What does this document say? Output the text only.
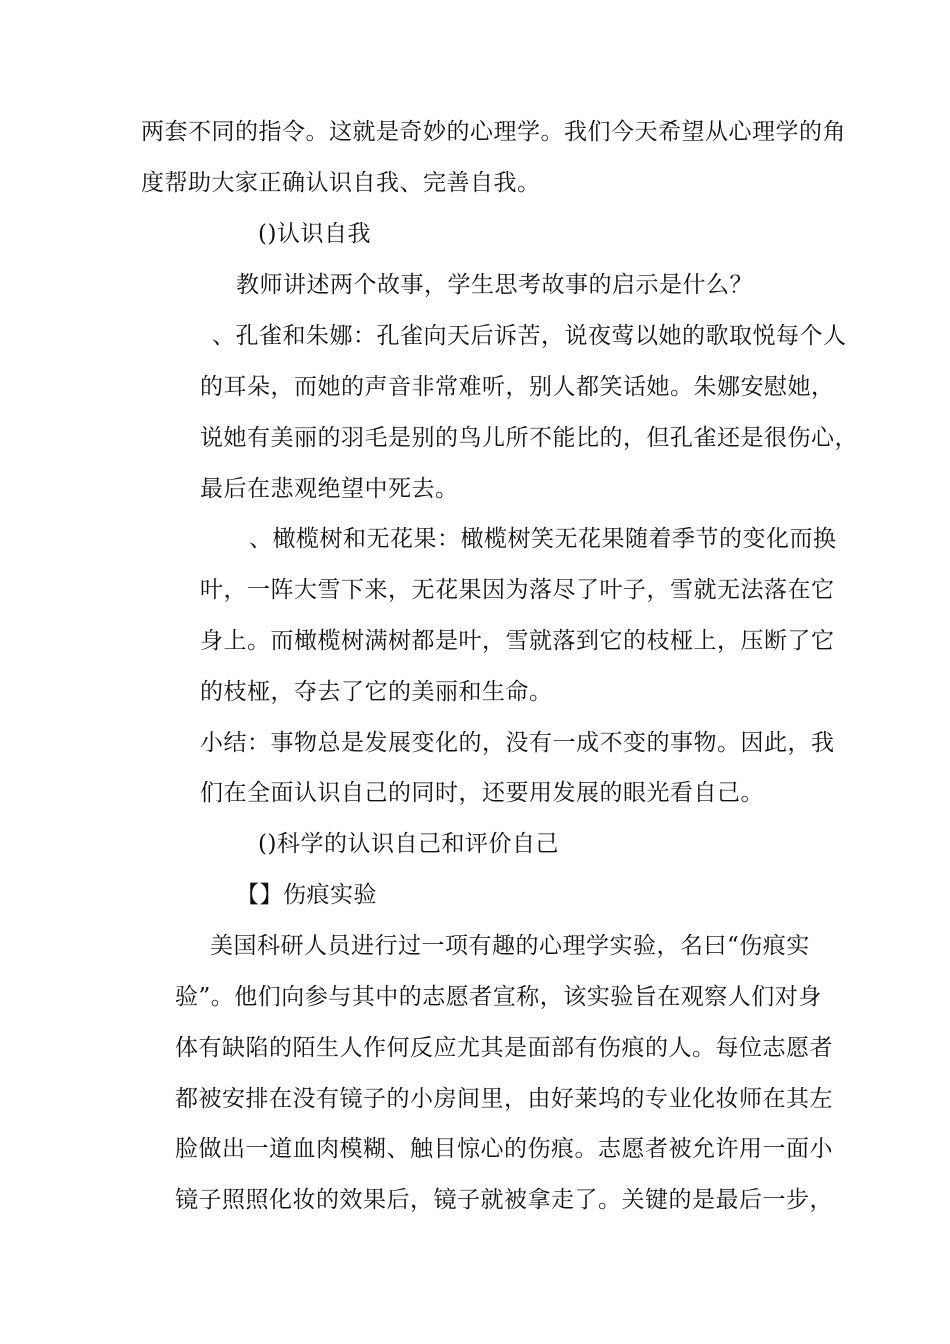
两套不同的指令。这就是奇妙的心理学。我们今天希望从心理学的角
度帮助大家正确认识自我、完善自我。
()认识自我
教师讲述两个故事，学生思考故事的启示是什么？
、孔雀和朱娜：孔雀向天后诉苦，说夜莺以她的歌取悦每个人
的耳朵，而她的声音非常难听，别人都笑话她。朱娜安慰她，
说她有美丽的羽毛是别的鸟儿所不能比的，但孔雀还是很伤心，
最后在悲观绝望中死去。
、橄榄树和无花果：橄榄树笑无花果随着季节的变化而换
叶，一阵大雪下来，无花果因为落尽了叶子，雪就无法落在它
身上。而橄榄树满树都是叶，雪就落到它的枝桠上，压断了它
的枝桠，夺去了它的美丽和生命。
小结：事物总是发展变化的，没有一成不变的事物。因此，我
们在全面认识自己的同时，还要用发展的眼光看自己。
()科学的认识自己和评价自己
【】伤痕实验
美国科研人员进行过一项有趣的心理学实验，名曰“伤痕实
验”。他们向参与其中的志愿者宣称，该实验旨在观察人们对身
体有缺陷的陌生人作何反应尤其是面部有伤痕的人。每位志愿者
都被安排在没有镜子的小房间里，由好莱坞的专业化妆师在其左
脸做出一道血肉模糊、触目惊心的伤痕。志愿者被允许用一面小
镜子照照化妆的效果后，镜子就被拿走了。关键的是最后一步，
